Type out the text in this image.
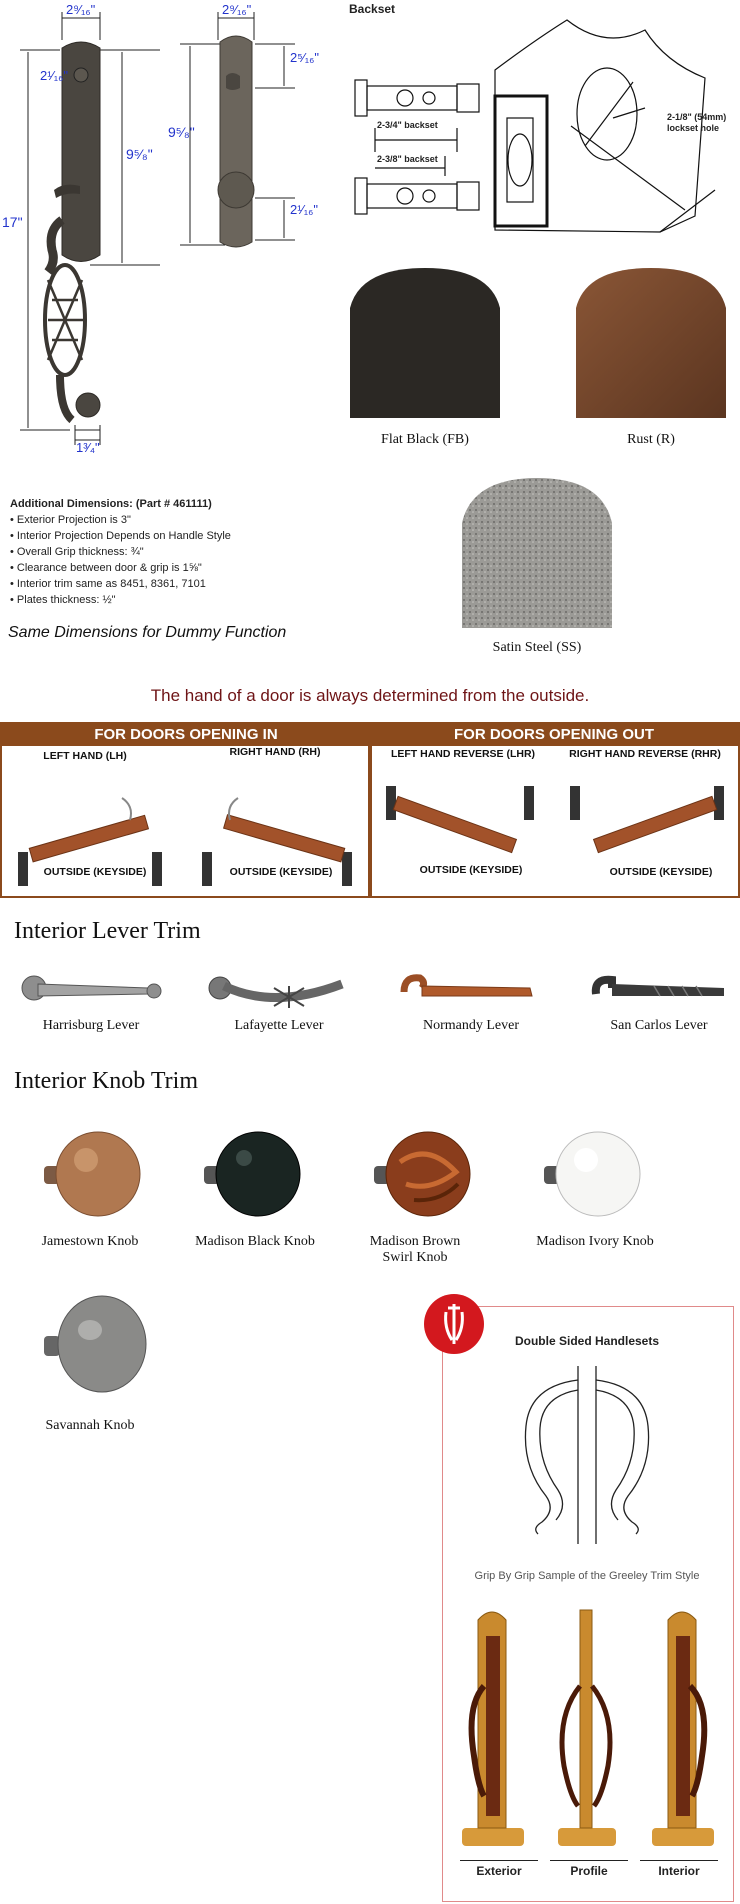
2⁹⁄₁₆"
2¹⁄₁₆"
17"
9⁵⁄₈"
1³⁄₄"
2⁹⁄₁₆"
9⁵⁄₈"
2⁵⁄₁₆"
2¹⁄₁₆"
Backset
2-3/4" backset
2-3/8" backset
2-1/8" (54mm) lockset hole
Flat Black (FB)	Rust (R)
Satin Steel (SS)
Additional Dimensions: (Part # 461111)
• Exterior Projection is 3"
• Interior Projection Depends on Handle Style
• Overall Grip thickness: ¾"
• Clearance between door & grip is 1⅝"
• Interior trim same as 8451, 8361, 7101
• Plates thickness: ½"
Same Dimensions for Dummy Function
The hand of a door is always determined from the outside.
FOR DOORS OPENING IN
LEFT HAND (LH)	RIGHT HAND (RH)
OUTSIDE (KEYSIDE)	OUTSIDE (KEYSIDE)
FOR DOORS OPENING OUT
LEFT HAND REVERSE (LHR)	RIGHT HAND REVERSE (RHR)
OUTSIDE (KEYSIDE)	OUTSIDE (KEYSIDE)
Interior Lever Trim
Harrisburg Lever	Lafayette Lever	Normandy Lever	San Carlos Lever
Interior Knob Trim
Jamestown Knob	Madison Black Knob	Madison Brown Swirl Knob
Madison Ivory Knob
Savannah Knob
Double Sided Handlesets
Grip By Grip Sample of the Greeley Trim Style
Exterior	Profile	Interior
